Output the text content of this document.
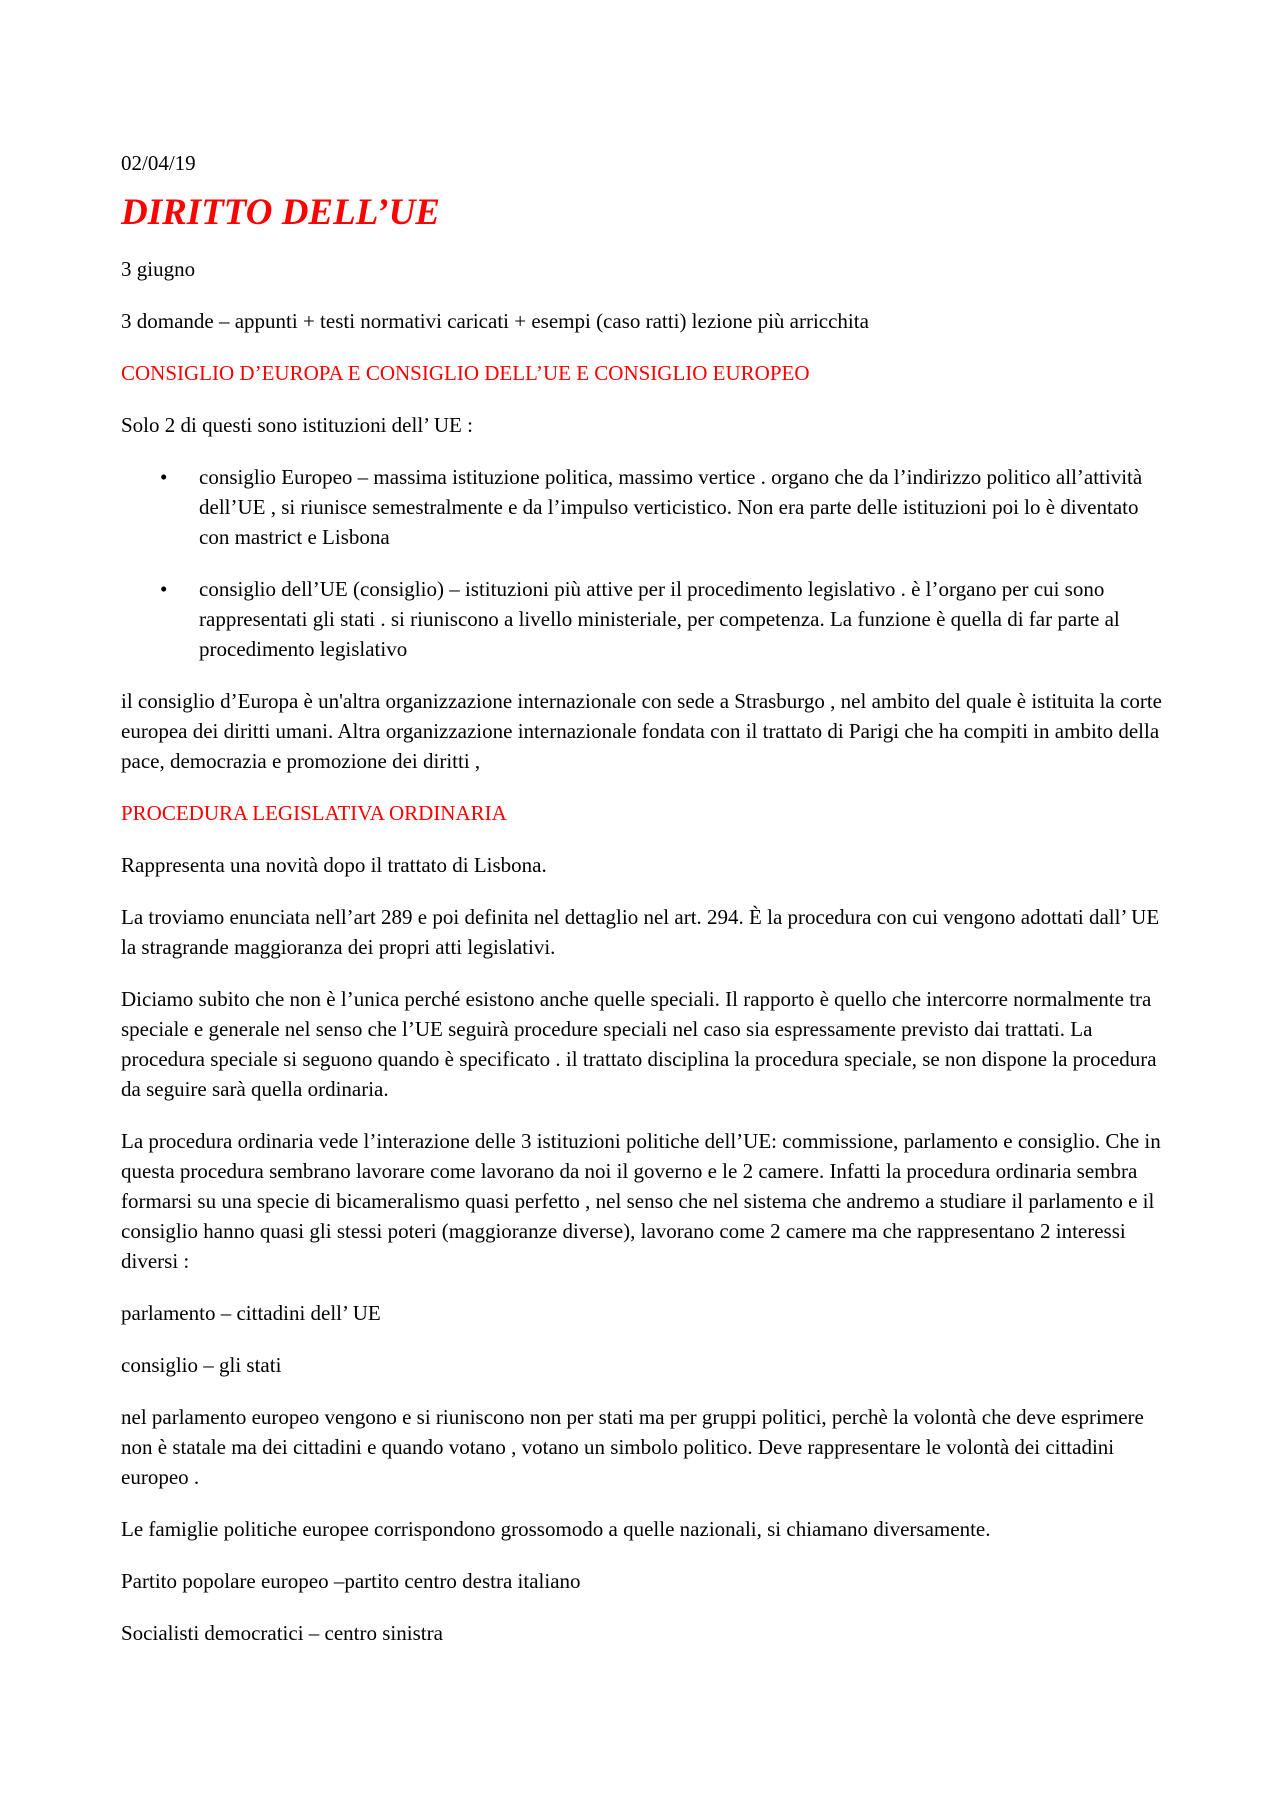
02/04/19
DIRITTO DELL’UE

3 giugno

3 domande – appunti + testi normativi caricati + esempi (caso ratti) lezione più arricchita

CONSIGLIO D’EUROPA E CONSIGLIO DELL’UE E CONSIGLIO EUROPEO

Solo 2 di questi sono istituzioni dell’ UE :

• consiglio Europeo – massima istituzione politica, massimo vertice . organo che da l’indirizzo politico all’attività dell’UE , si riunisce semestralmente e da l’impulso verticistico. Non era parte delle istituzioni poi lo è diventato con mastrict e Lisbona
• consiglio dell’UE (consiglio) – istituzioni più attive per il procedimento legislativo . è l’organo per cui sono rappresentati gli stati . si riuniscono a livello ministeriale, per competenza. La funzione è quella di far parte al procedimento legislativo

il consiglio d’Europa è un'altra organizzazione internazionale con sede a Strasburgo , nel ambito del quale è istituita la corte europea dei diritti umani. Altra organizzazione internazionale fondata con il trattato di Parigi che ha compiti in ambito della pace, democrazia e promozione dei diritti ,

PROCEDURA LEGISLATIVA ORDINARIA

Rappresenta una novità dopo il trattato di Lisbona.

La troviamo enunciata nell’art 289 e poi definita nel dettaglio nel art. 294. È la procedura con cui vengono adottati dall’ UE la stragrande maggioranza dei propri atti legislativi.

Diciamo subito che non è l’unica perché esistono anche quelle speciali. Il rapporto è quello che intercorre normalmente tra speciale e generale nel senso che l’UE seguirà procedure speciali nel caso sia espressamente previsto dai trattati. La procedura speciale si seguono quando è specificato . il trattato disciplina la procedura speciale, se non dispone la procedura da seguire sarà quella ordinaria.

La procedura ordinaria vede l’interazione delle 3 istituzioni politiche dell’UE: commissione, parlamento e consiglio. Che in questa procedura sembrano lavorare come lavorano da noi il governo e le 2 camere. Infatti la procedura ordinaria sembra formarsi su una specie di bicameralismo quasi perfetto , nel senso che nel sistema che andremo a studiare il parlamento e il consiglio hanno quasi gli stessi poteri (maggioranze diverse), lavorano come 2 camere ma che rappresentano 2 interessi diversi :

parlamento – cittadini dell’ UE

consiglio – gli stati

nel parlamento europeo vengono e si riuniscono non per stati ma per gruppi politici, perchè la volontà che deve esprimere non è statale ma dei cittadini e quando votano , votano un simbolo politico. Deve rappresentare le volontà dei cittadini europeo .

Le famiglie politiche europee corrispondono grossomodo a quelle nazionali, si chiamano diversamente.

Partito popolare europeo –partito centro destra italiano

Socialisti democratici – centro sinistra
